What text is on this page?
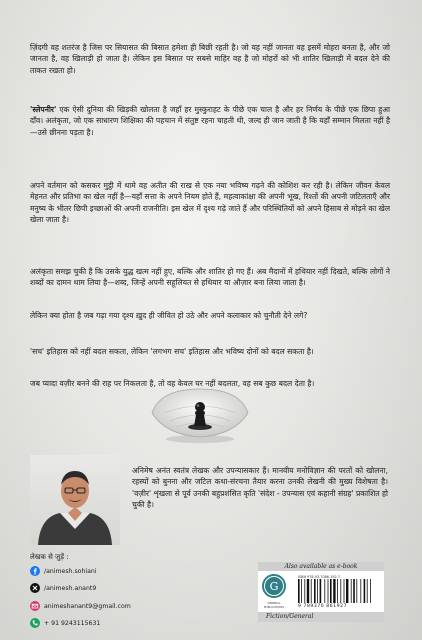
ज़िंदगी वह शतरंज है जिस पर सियासत की बिसात हमेशा ही बिछी रहती है। जो यह नहीं जानता वह इसमें मोहरा बनता है, और जो जानता है, वह खिलाड़ी हो जाता है। लेकिन इस बिसात पर सबसे माहिर वह है जो मोहरों को भी शातिर खिलाड़ी में बदल देने की ताकत रखता हो।

'स्लेपनीर' एक ऐसी दुनिया की खिड़की खोलता है जहाँ हर मुस्कुराहट के पीछे एक चाल है और हर निर्णय के पीछे एक छिपा हुआ दाँव। अलंकृता, जो एक साधारण शिक्षिका की पहचान में संतुष्ट रहना चाहती थी, जल्द ही जान जाती है कि यहाँ सम्मान मिलता नहीं है—उसे छीनना पड़ता है।

अपने वर्तमान को कसकर मुट्ठी में थामे वह अतीत की राख से एक नया भविष्य गढ़ने की कोशिश कर रही है। लेकिन जीवन केवल मेहनत और प्रतिभा का खेल नहीं है—यहाँ सत्ता के अपने नियम होते हैं, महत्वाकांक्षा की अपनी भूख, रिश्तों की अपनी जटिलताएँ और मनुष्य के भीतर छिपी इच्छाओं की अपनी राजनीति। इस खेल में दृश्य गढ़े जाते हैं और परिस्थितियों को अपने हिसाब से मोड़ने का खेल खेला जाता है।

अलंकृता समझ चुकी है कि उसके युद्ध खत्म नहीं हुए, बल्कि और शातिर हो गए हैं। अब मैदानों में हथियार नहीं दिखते, बल्कि लोगों ने शब्दों का दामन थाम लिया है—शब्द, जिन्हें अपनी सहूलियत से हथियार या औज़ार बना लिया जाता है।

लेकिन क्या होता है जब गढ़ा गया दृश्य ख़ुद ही जीवित हो उठे और अपने कलाकार को चुनौती देने लगे?

'सच' इतिहास को नहीं बदल सकता, लेकिन 'लगभग सच' इतिहास और भविष्य दोनों को बदल सकता है।

जब प्यादा वज़ीर बनने की राह पर निकलता है, तो वह केवल घर नहीं बदलता, वह सब कुछ बदल देता है।

अनिमेष अनंत स्वतंत्र लेखक और उपन्यासकार हैं। मानवीय मनोविज्ञान की परतों को खोलना, रहस्यों को बुनना और जटिल कथा-संरचना तैयार करना उनकी लेखनी की मुख्य विशेषता है। 'वज़ीर' शृंखला से पूर्व उनकी बहुप्रशंसित कृति 'संदेश - उपन्यास एवं कहानी संग्रह' प्रकाशित हो चुकी है।

लेखक से जुड़ें :
/animesh.sohiani
/animesh.anant9
animeshanant9@gmail.com
+ 91 9243115631
Also available as e-book
G
GENERAL PUBLICATIONS
ISBN 978-93-7086-192-7
9 789370 861927
Fiction/General
